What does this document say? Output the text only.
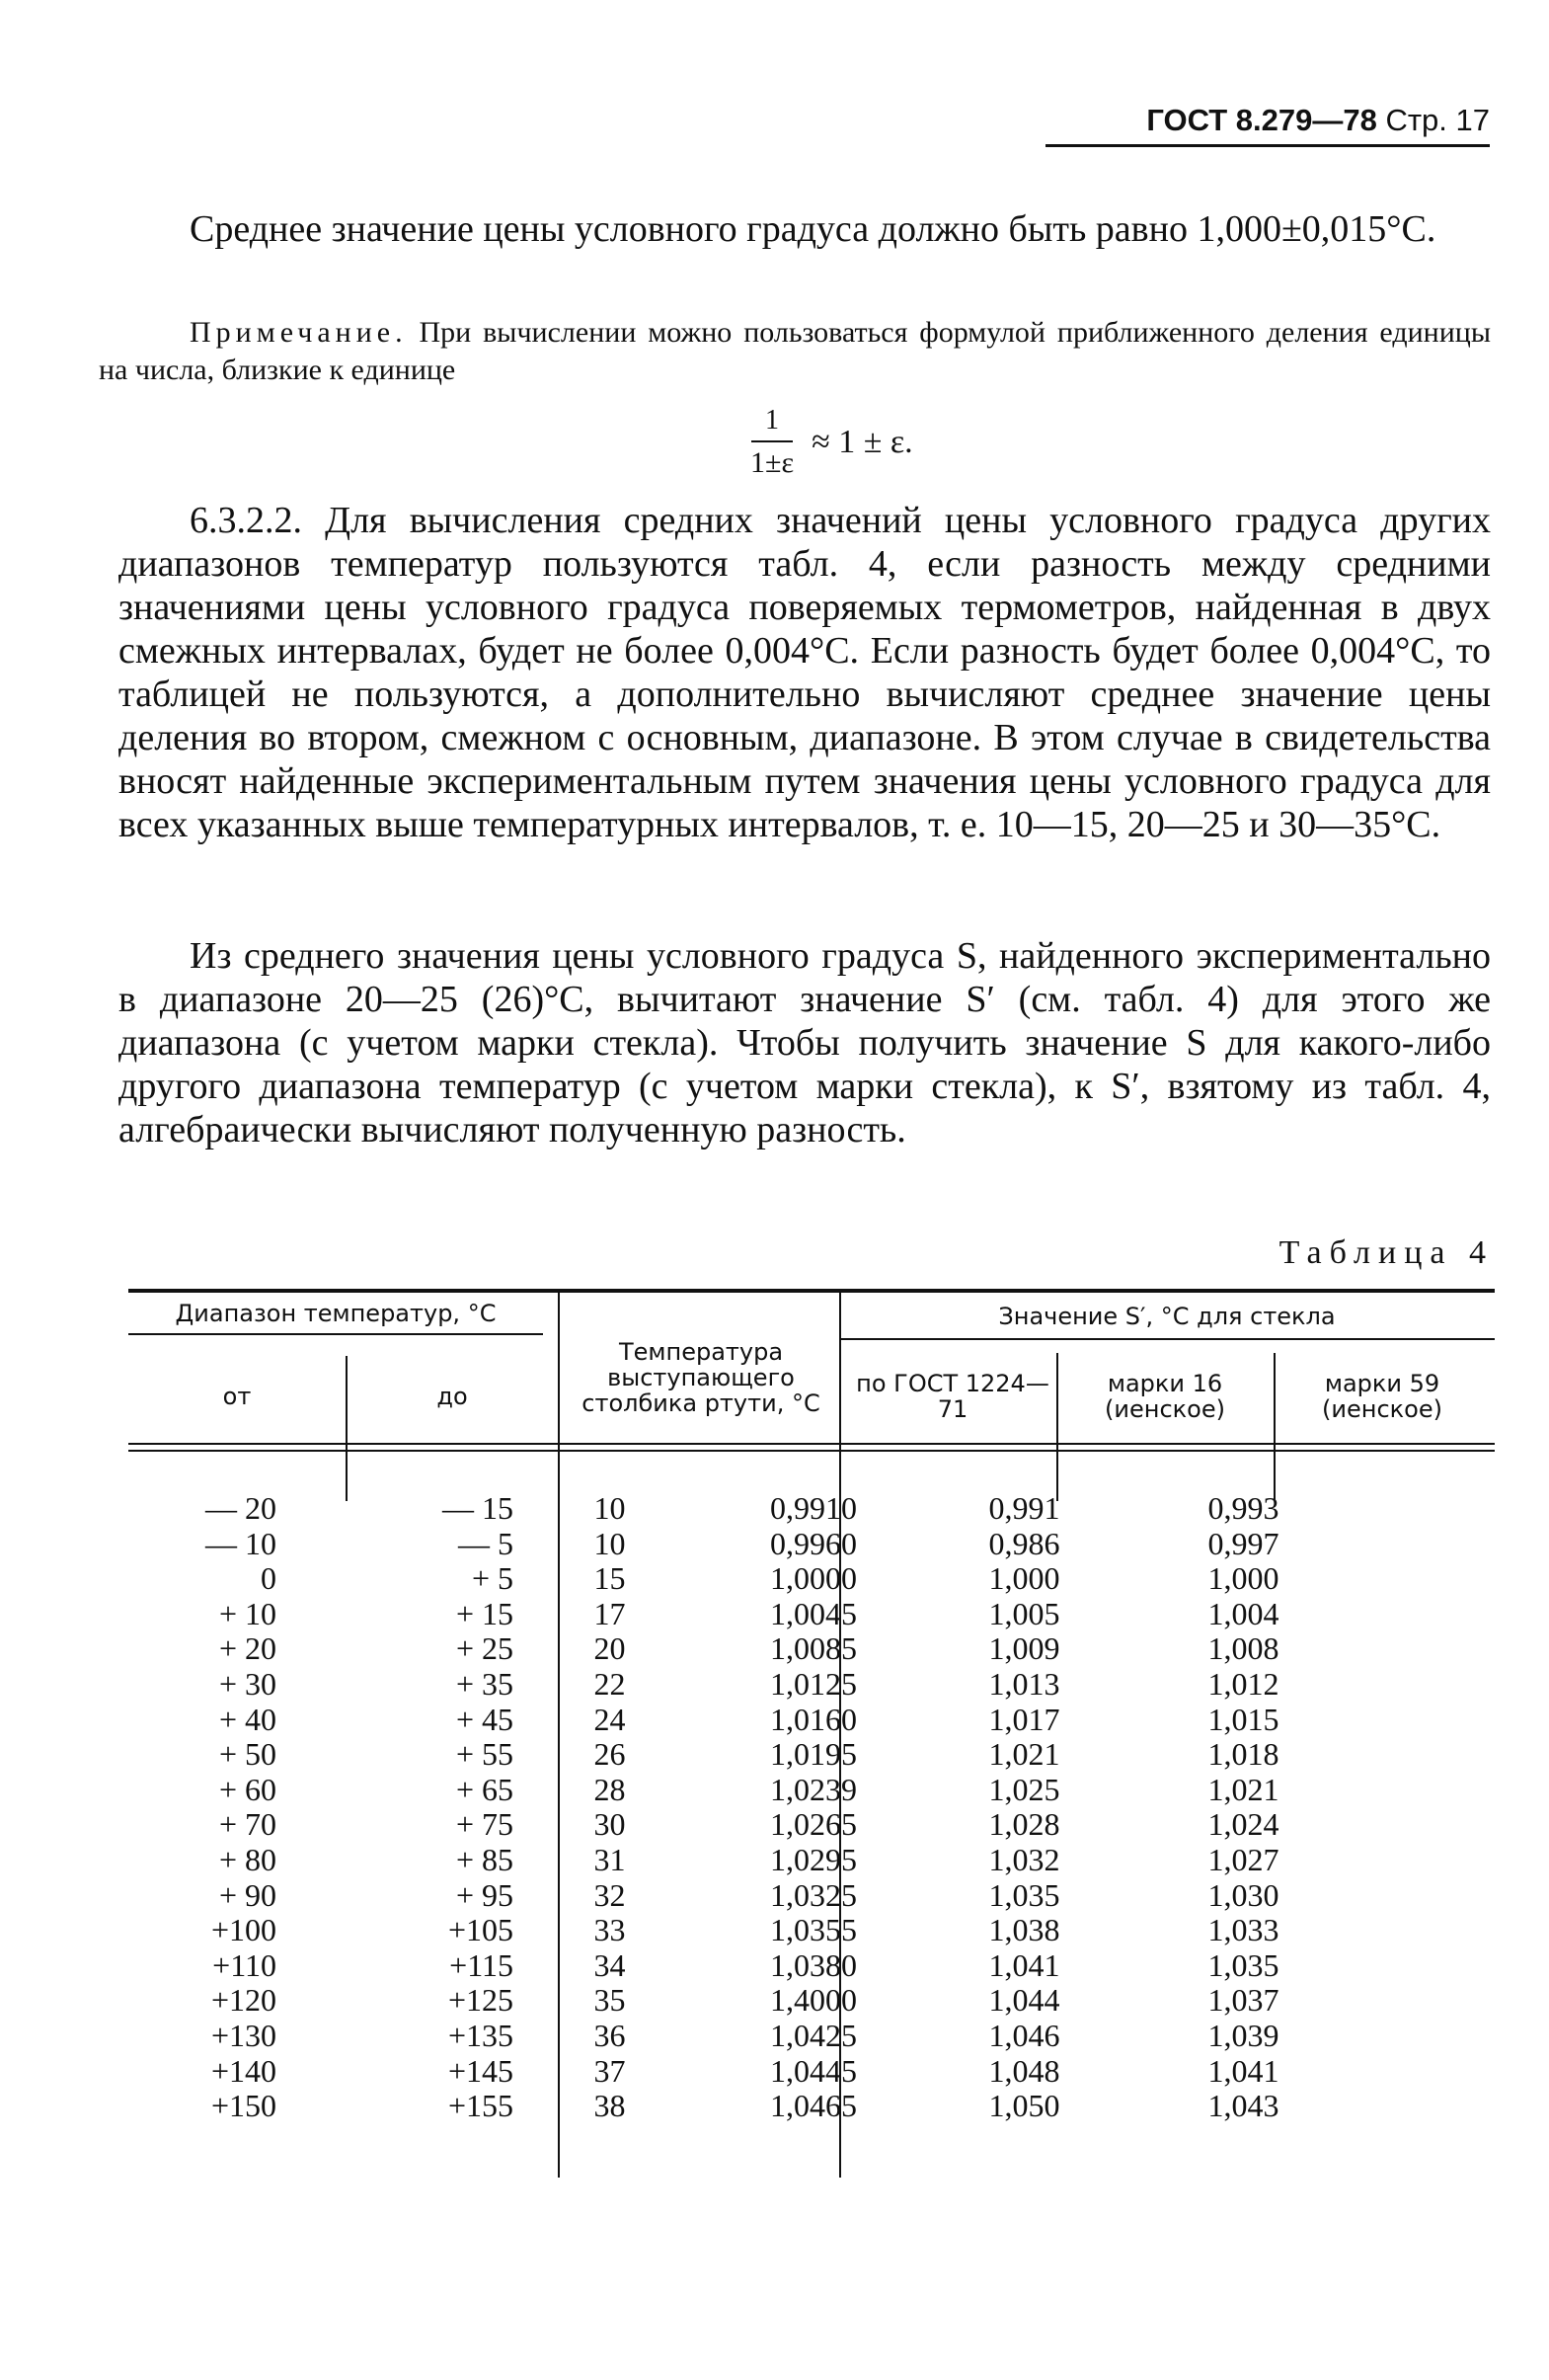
ГОСТ 8.279—78 Стр. 17
Среднее значение цены условного градуса должно быть равно 1,000±0,015°С.
Примечание. При вычислении можно пользоваться формулой приближенного деления единицы на числа, близкие к единице
$\frac{1}{1\pm\varepsilon} \approx 1 \pm \varepsilon$.
6.3.2.2. Для вычисления средних значений цены условного градуса других диапазонов температур пользуются табл. 4, если разность между средними значениями цены условного градуса поверяемых термометров, найденная в двух смежных интервалах, будет не более 0,004°С. Если разность будет более 0,004°С, то таблицей не пользуются, а дополнительно вычисляют среднее значение цены деления во втором, смежном с основным, диапазоне. В этом случае в свидетельства вносят найденные экспериментальным путем значения цены условного градуса для всех указанных выше температурных интервалов, т. е. 10—15, 20—25 и 30—35°С.
Из среднего значения цены условного градуса S, найденного экспериментально в диапазоне 20—25 (26)°С, вычитают значение S′ (см. табл. 4) для этого же диапазона (с учетом марки стекла). Чтобы получить значение S для какого-либо другого диапазона температур (с учетом марки стекла), к S′, взятому из табл. 4, алгебраически вычисляют полученную разность.
Таблица 4
Диапазон температур, °С
от	до
Температура выступающего столбика ртути, °С
Значение S′, °С для стекла
по ГОСТ 1224—71
марки 16 (иенское)
марки 59 (иенское)
— 20	— 15	10	0,9910	0,991	0,993
— 10	— 5	10	0,9960	0,986	0,997
0	+ 5	15	1,0000	1,000	1,000
+ 10	+ 15	17	1,0045	1,005	1,004
+ 20	+ 25	20	1,0085	1,009	1,008
+ 30	+ 35	22	1,0125	1,013	1,012
+ 40	+ 45	24	1,0160	1,017	1,015
+ 50	+ 55	26	1,0195	1,021	1,018
+ 60	+ 65	28	1,0239	1,025	1,021
+ 70	+ 75	30	1,0265	1,028	1,024
+ 80	+ 85	31	1,0295	1,032	1,027
+ 90	+ 95	32	1,0325	1,035	1,030
+100	+105	33	1,0355	1,038	1,033
+110	+115	34	1,0380	1,041	1,035
+120	+125	35	1,4000	1,044	1,037
+130	+135	36	1,0425	1,046	1,039
+140	+145	37	1,0445	1,048	1,041
+150	+155	38	1,0465	1,050	1,043
